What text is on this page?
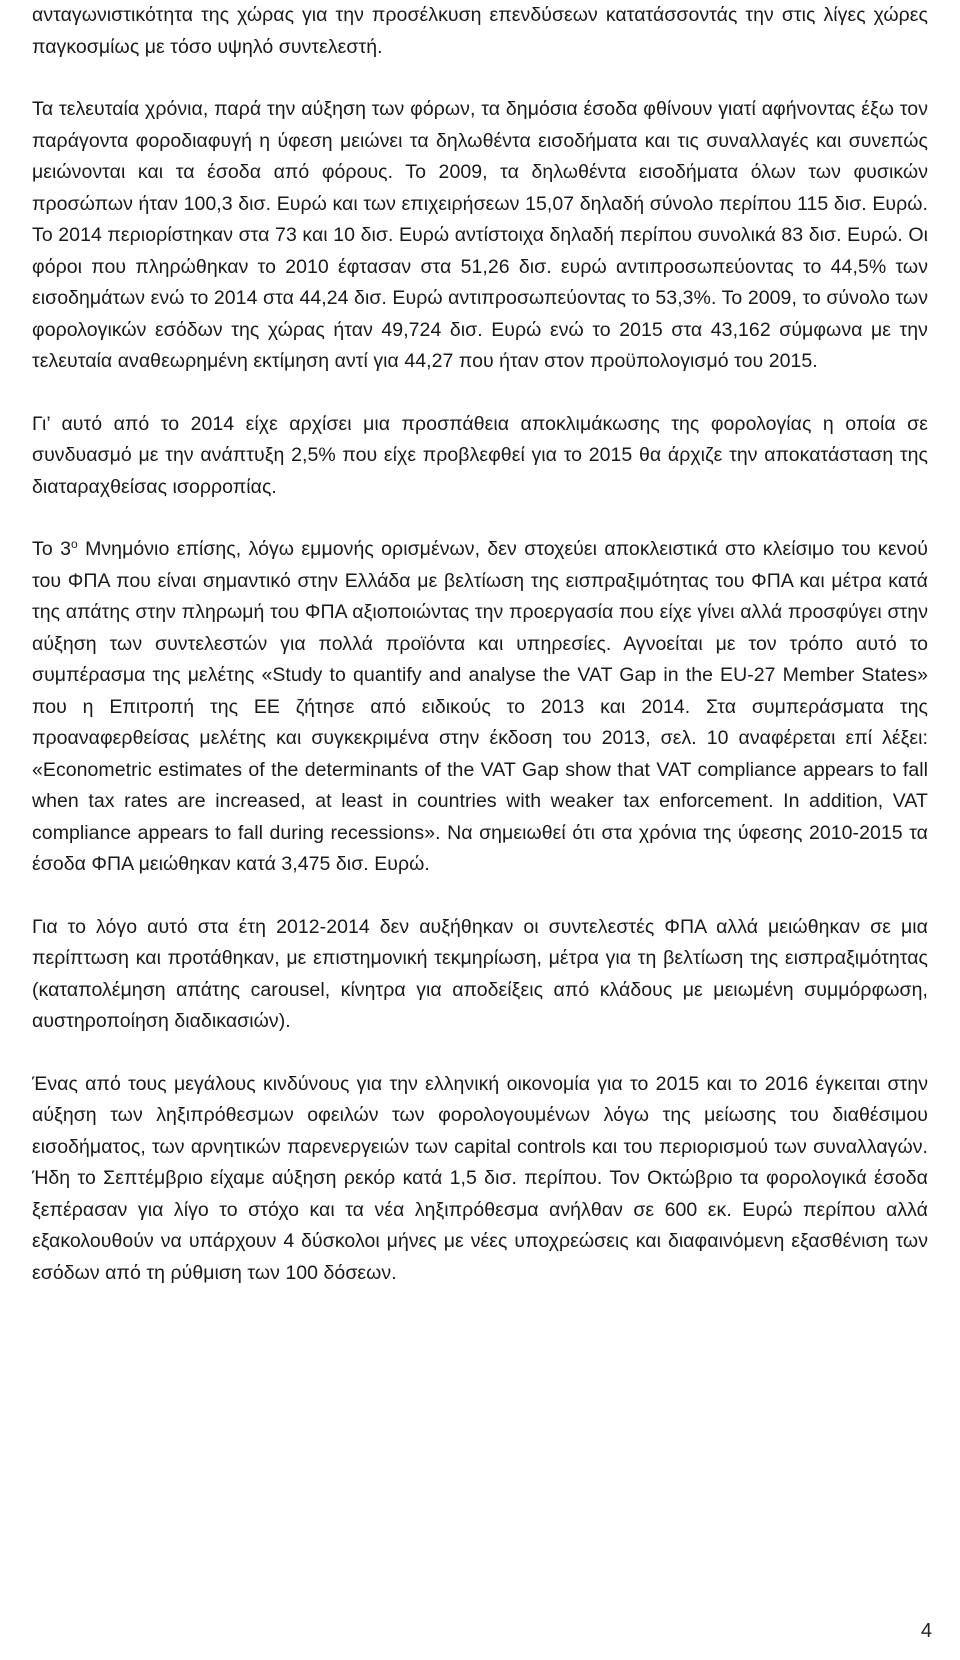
ανταγωνιστικότητα της χώρας για την προσέλκυση επενδύσεων κατατάσσοντάς την στις λίγες χώρες παγκοσμίως με τόσο υψηλό συντελεστή.

Τα τελευταία χρόνια, παρά την αύξηση των φόρων, τα δημόσια έσοδα φθίνουν γιατί αφήνοντας έξω τον παράγοντα φοροδιαφυγή η ύφεση μειώνει τα δηλωθέντα εισοδήματα και τις συναλλαγές και συνεπώς μειώνονται και τα έσοδα από φόρους. Το 2009, τα δηλωθέντα εισοδήματα όλων των φυσικών προσώπων ήταν 100,3 δισ. Ευρώ και των επιχειρήσεων 15,07 δηλαδή σύνολο περίπου 115 δισ. Ευρώ. Το 2014 περιορίστηκαν στα 73 και 10 δισ. Ευρώ αντίστοιχα δηλαδή περίπου συνολικά 83 δισ. Ευρώ. Οι φόροι που πληρώθηκαν το 2010 έφτασαν στα 51,26 δισ. ευρώ αντιπροσωπεύοντας το 44,5% των εισοδημάτων ενώ το 2014 στα 44,24 δισ. Ευρώ αντιπροσωπεύοντας το 53,3%. Το 2009, το σύνολο των φορολογικών εσόδων της χώρας ήταν 49,724 δισ. Ευρώ ενώ το 2015 στα 43,162 σύμφωνα με την τελευταία αναθεωρημένη εκτίμηση αντί για 44,27 που ήταν στον προϋπολογισμό του 2015.

Γι’ αυτό από το 2014 είχε αρχίσει μια προσπάθεια αποκλιμάκωσης της φορολογίας η οποία σε συνδυασμό με την ανάπτυξη 2,5% που είχε προβλεφθεί για το 2015 θα άρχιζε την αποκατάσταση της διαταραχθείσας ισορροπίας.

Το $3^o$ Μνημόνιο επίσης, λόγω εμμονής ορισμένων, δεν στοχεύει αποκλειστικά στο κλείσιμο του κενού του ΦΠΑ που είναι σημαντικό στην Ελλάδα με βελτίωση της εισπραξιμότητας του ΦΠΑ και μέτρα κατά της απάτης στην πληρωμή του ΦΠΑ αξιοποιώντας την προεργασία που είχε γίνει αλλά προσφύγει στην αύξηση των συντελεστών για πολλά προϊόντα και υπηρεσίες. Αγνοείται με τον τρόπο αυτό το συμπέρασμα της μελέτης «Study to quantify and analyse the VAT Gap in the EU-27 Member States» που η Επιτροπή της ΕΕ ζήτησε από ειδικούς το 2013 και 2014. Στα συμπεράσματα της προαναφερθείσας μελέτης και συγκεκριμένα στην έκδοση του 2013, σελ. 10 αναφέρεται επί λέξει: «Econometric estimates of the determinants of the VAT Gap show that VAT compliance appears to fall when tax rates are increased, at least in countries with weaker tax enforcement. In addition, VAT compliance appears to fall during recessions». Να σημειωθεί ότι στα χρόνια της ύφεσης 2010-2015 τα έσοδα ΦΠΑ μειώθηκαν κατά 3,475 δισ. Ευρώ.

Για το λόγο αυτό στα έτη 2012-2014 δεν αυξήθηκαν οι συντελεστές ΦΠΑ αλλά μειώθηκαν σε μια περίπτωση και προτάθηκαν, με επιστημονική τεκμηρίωση, μέτρα για τη βελτίωση της εισπραξιμότητας (καταπολέμηση απάτης carousel, κίνητρα για αποδείξεις από κλάδους με μειωμένη συμμόρφωση, αυστηροποίηση διαδικασιών).

Ένας από τους μεγάλους κινδύνους για την ελληνική οικονομία για το 2015 και το 2016 έγκειται στην αύξηση των ληξιπρόθεσμων οφειλών των φορολογουμένων λόγω της μείωσης του διαθέσιμου εισοδήματος, των αρνητικών παρενεργειών των capital controls και του περιορισμού των συναλλαγών. Ήδη το Σεπτέμβριο είχαμε αύξηση ρεκόρ κατά 1,5 δισ. περίπου. Τον Οκτώβριο τα φορολογικά έσοδα ξεπέρασαν για λίγο το στόχο και τα νέα ληξιπρόθεσμα ανήλθαν σε 600 εκ. Ευρώ περίπου αλλά εξακολουθούν να υπάρχουν 4 δύσκολοι μήνες με νέες υποχρεώσεις και διαφαινόμενη εξασθένιση των εσόδων από τη ρύθμιση των 100 δόσεων.

4
